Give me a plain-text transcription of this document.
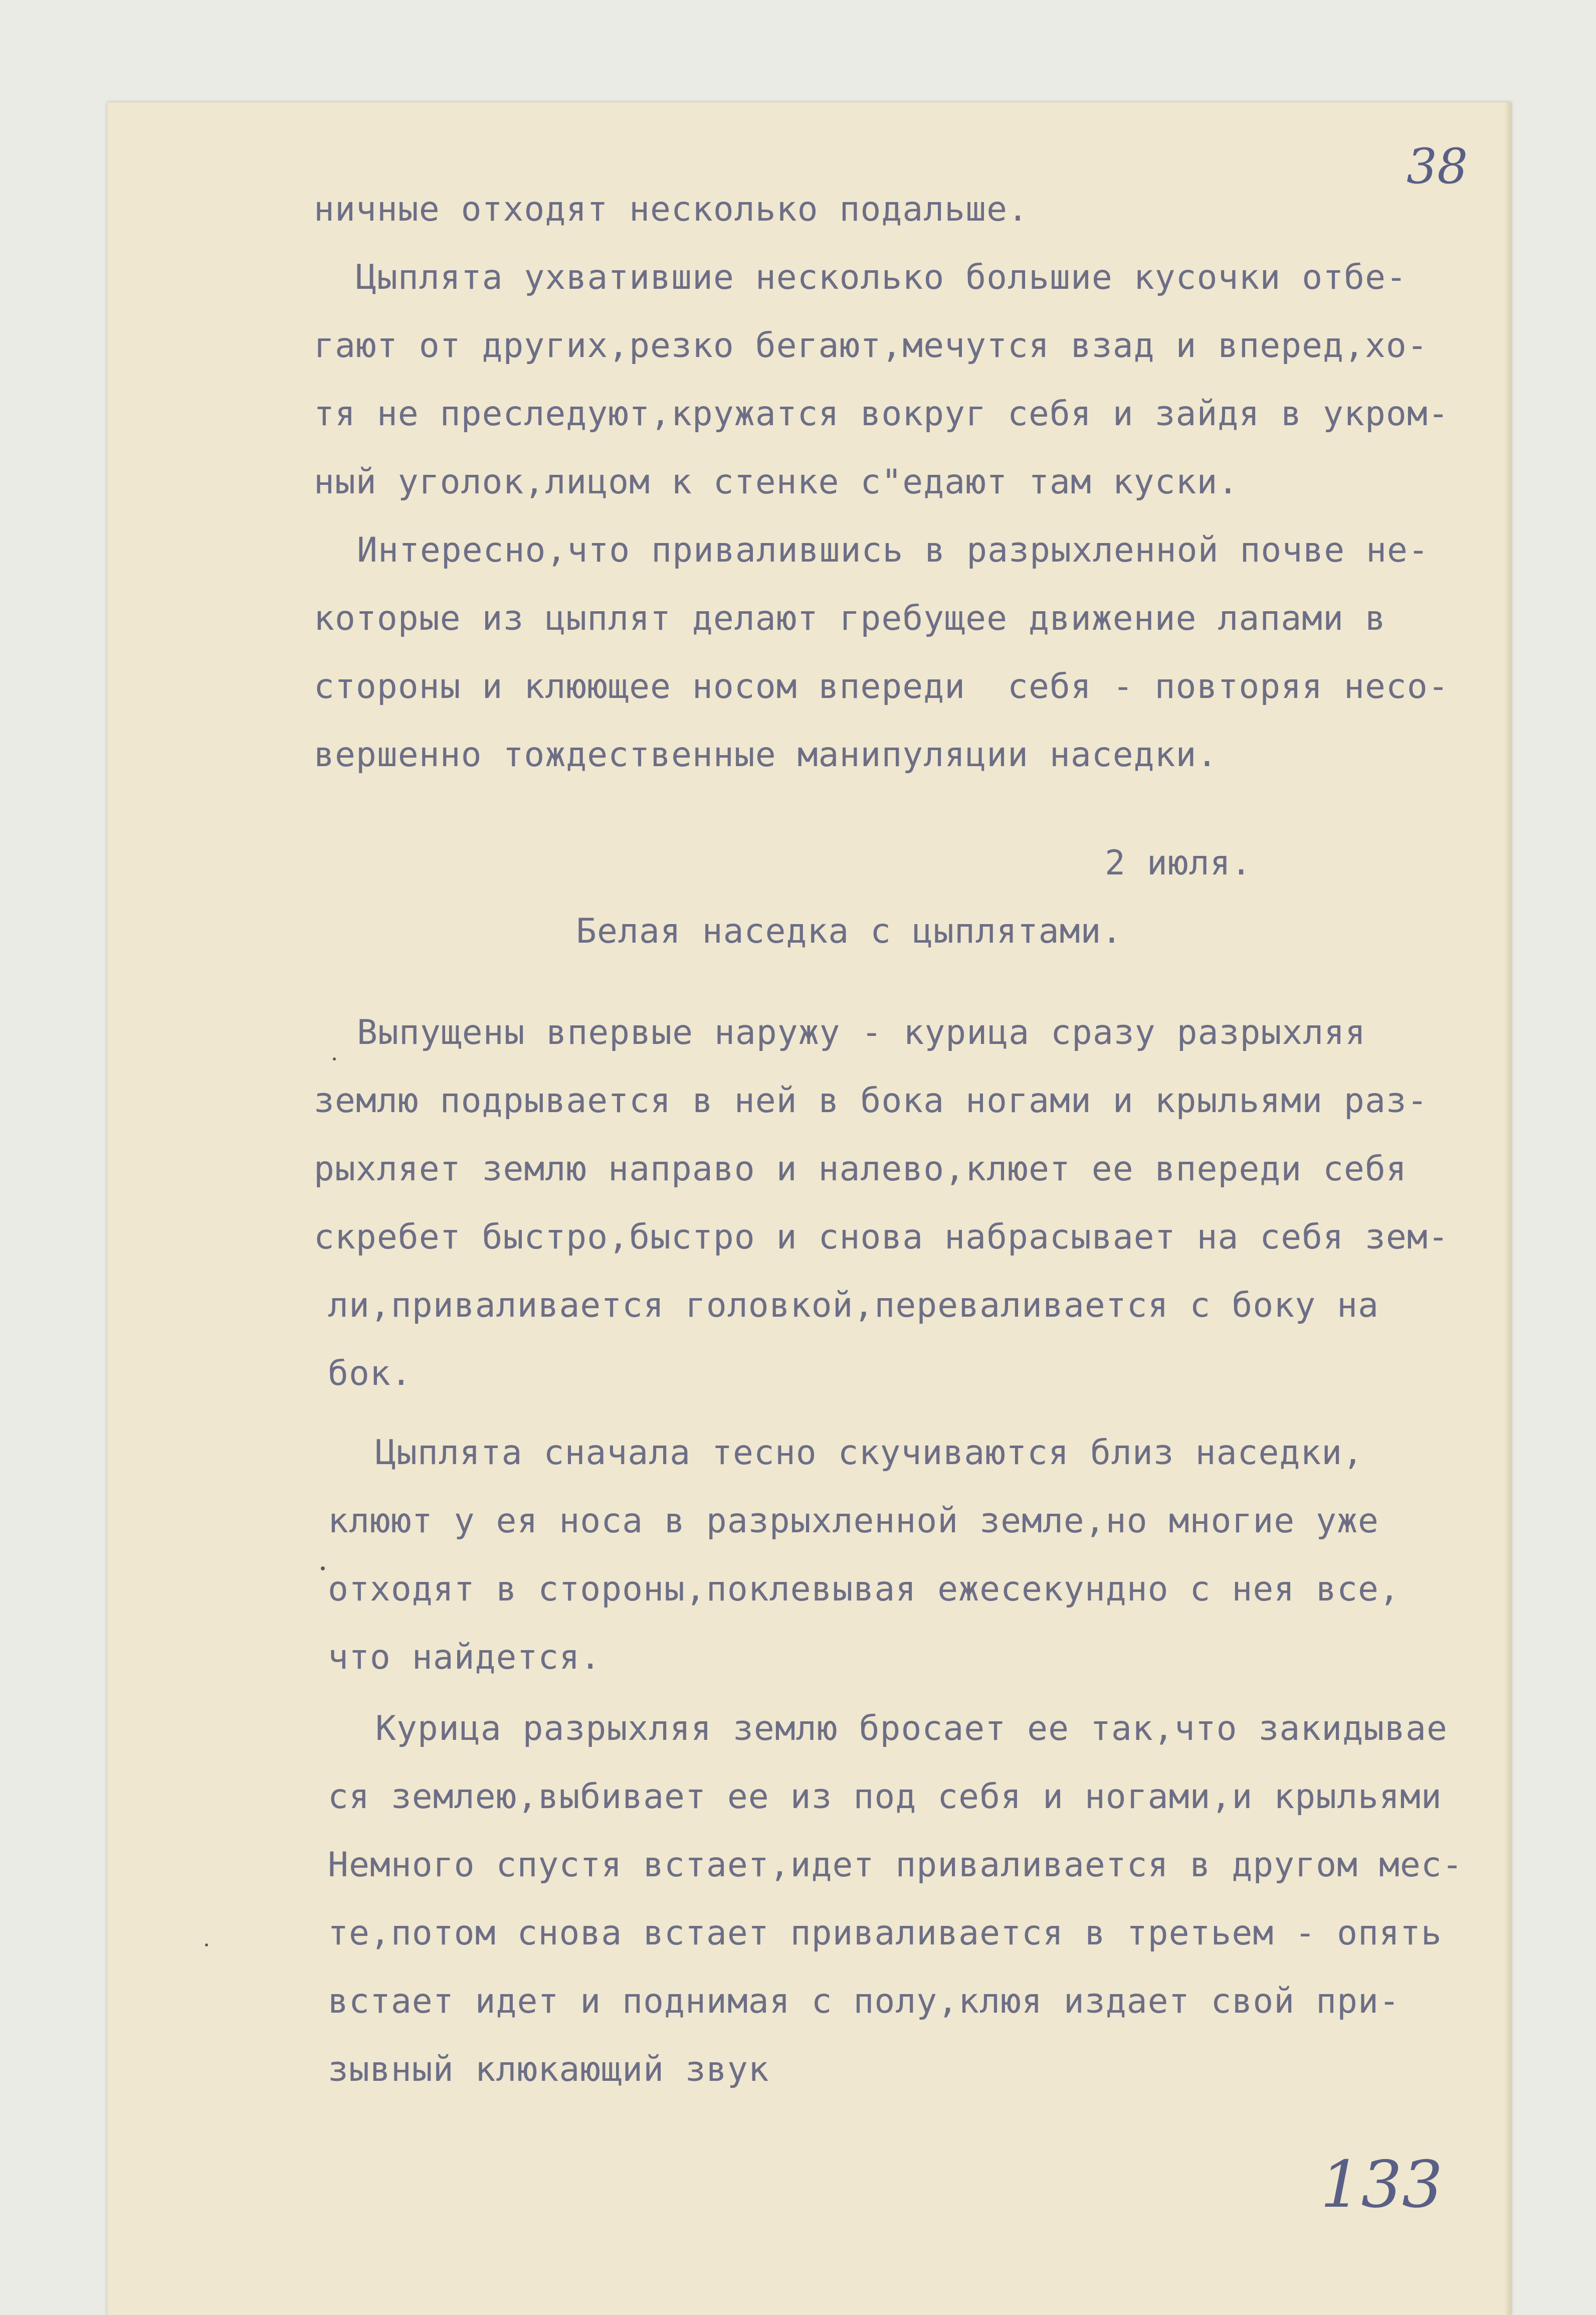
38

ничные отходят несколько подальше.

Цыплята ухватившие несколько большие кусочки отбе-

гают от других,резко бегают,мечутся взад и вперед,хо-

тя не преследуют,кружатся вокруг себя и зайдя в укром-

ный уголок,лицом к стенке с"едают там куски.

Интересно,что привалившись в разрыхленной почве не-

которые из цыплят делают гребущее движение лапами в

стороны и клюющее носом впереди  себя - повторяя несо-

вершенно тождественные манипуляции наседки.

2 июля.

Белая наседка с цыплятами.

Выпущены впервые наружу - курица сразу разрыхляя

землю подрывается в ней в бока ногами и крыльями раз-

рыхляет землю направо и налево,клюет ее впереди себя

скребет быстро,быстро и снова набрасывает на себя зем-

ли,приваливается головкой,переваливается с боку на

бок.

Цыплята сначала тесно скучиваются близ наседки,

клюют у ея носа в разрыхленной земле,но многие уже

отходят в стороны,поклевывая ежесекундно с нея все,

что найдется.

Курица разрыхляя землю бросает ее так,что закидывае

ся землею,выбивает ее из под себя и ногами,и крыльями

Немного спустя встает,идет приваливается в другом мес-

те,потом снова встает приваливается в третьем - опять

встает идет и поднимая с полу,клюя издает свой при-

зывный клюкающий звук

133
